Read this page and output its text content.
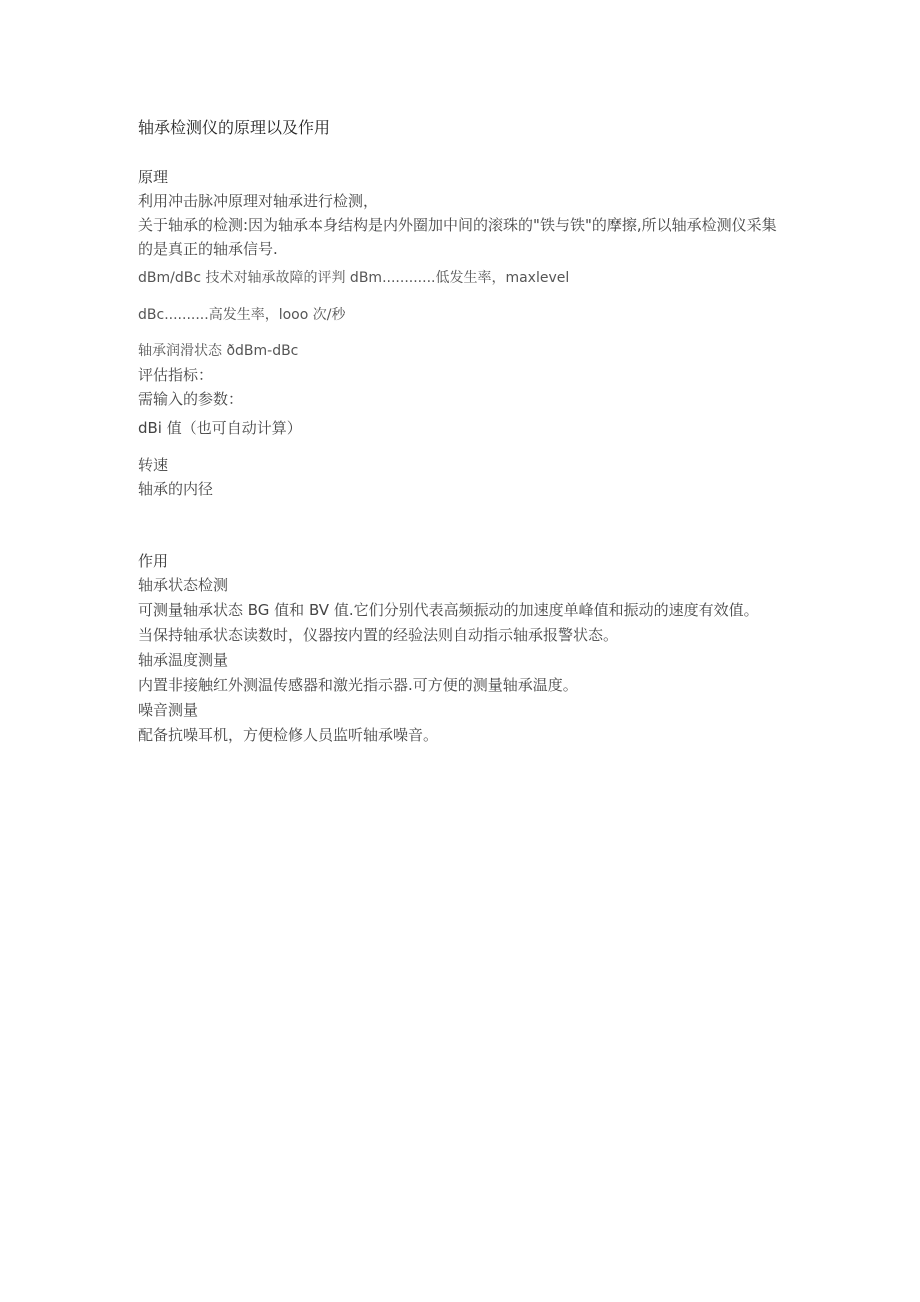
轴承检测仪的原理以及作用
原理
利用冲击脉冲原理对轴承进行检测，
关于轴承的检测:因为轴承本身结构是内外圈加中间的滚珠的"铁与铁"的摩擦,所以轴承检测仪采集的是真正的轴承信号.
dBm/dBc 技术对轴承故障的评判 dBm............低发生率，maxlevel
dBc..........高发生率，looo 次/秒
轴承润滑状态 ðdBm-dBc
评估指标：
需输入的参数：
dBi 值（也可自动计算）
转速
轴承的内径
作用
轴承状态检测
可测量轴承状态 BG 值和 BV 值.它们分别代表高频振动的加速度单峰值和振动的速度有效值。
当保持轴承状态读数时，仪器按内置的经验法则自动指示轴承报警状态。
轴承温度测量
内置非接触红外测温传感器和激光指示器.可方便的测量轴承温度。
噪音测量
配备抗噪耳机，方便检修人员监听轴承噪音。
